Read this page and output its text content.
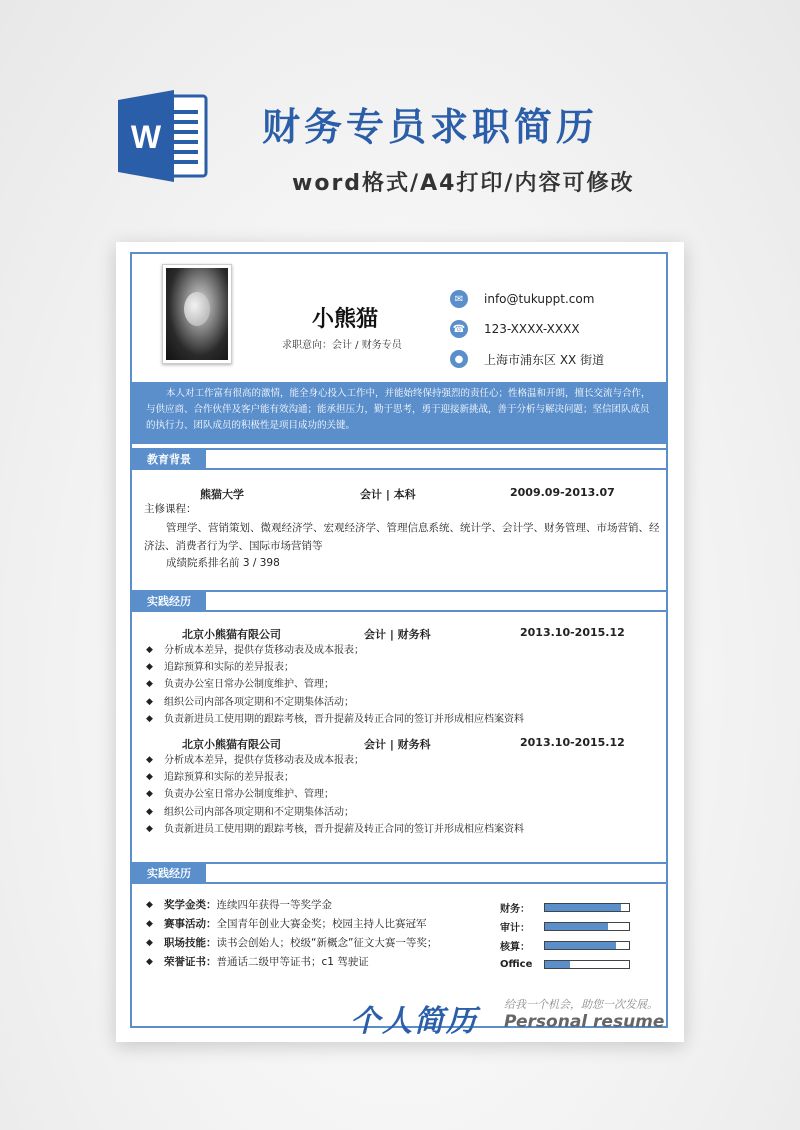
W	财务专员求职简历
word格式/A4打印/内容可修改
小熊猫
求职意向：会计 / 财务专员
✉	info@tukuppt.com
☎ 123-XXXX-XXXX
●	上海市浦东区 XX 街道
本人对工作富有很高的激情，能全身心投入工作中，并能始终保持强烈的责任心；性格温和开朗，擅长交流与合作，与供应商、合作伙伴及客户能有效沟通；能承担压力，勤于思考，勇于迎接新挑战，善于分析与解决问题；坚信团队成员的执行力、团队成员的积极性是项目成功的关键。
教育背景
熊猫大学	会计 | 本科	2009.09-2013.07
主修课程：
管理学、营销策划、微观经济学、宏观经济学、管理信息系统、统计学、会计学、财务管理、市场营销、经
济法、消费者行为学、国际市场营销等
成绩院系排名前 3 / 398
实践经历
北京小熊猫有限公司	会计 | 财务科	2013.10-2015.12
◆ 分析成本差异，提供存货移动表及成本报表；
◆ 追踪预算和实际的差异报表；
◆ 负责办公室日常办公制度维护、管理；
◆ 组织公司内部各项定期和不定期集体活动；
◆ 负责新进员工使用期的跟踪考核，晋升提薪及转正合同的签订并形成相应档案资料
北京小熊猫有限公司	会计 | 财务科	2013.10-2015.12
◆ 分析成本差异，提供存货移动表及成本报表；
◆ 追踪预算和实际的差异报表；
◆ 负责办公室日常办公制度维护、管理；
◆ 组织公司内部各项定期和不定期集体活动；
◆ 负责新进员工使用期的跟踪考核，晋升提薪及转正合同的签订并形成相应档案资料
实践经历
◆ 奖学金类：连续四年获得一等奖学金
◆ 赛事活动：全国青年创业大赛金奖；校园主持人比赛冠军
◆ 职场技能：读书会创始人；校级“新概念”征文大赛一等奖；
◆ 荣誉证书：普通话二级甲等证书；c1 驾驶证
财务：
审计：
核算：
Office
个人简历 给我一个机会，助您一次发展。
Personal resume
